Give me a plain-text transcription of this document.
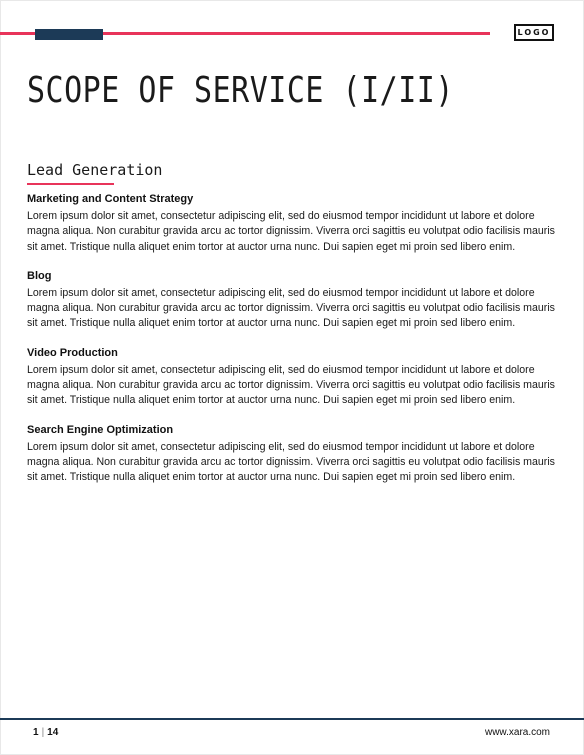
LOGO
SCOPE OF SERVICE (I/II)
Lead Generation

Marketing and Content Strategy

Lorem ipsum dolor sit amet, consectetur adipiscing elit, sed do eiusmod tempor incididunt ut labore et dolore magna aliqua. Non curabitur gravida arcu ac tortor dignissim. Viverra orci sagittis eu volutpat odio facilisis mauris sit amet. Tristique nulla aliquet enim tortor at auctor urna nunc. Dui sapien eget mi proin sed libero enim.

Blog

Lorem ipsum dolor sit amet, consectetur adipiscing elit, sed do eiusmod tempor incididunt ut labore et dolore magna aliqua. Non curabitur gravida arcu ac tortor dignissim. Viverra orci sagittis eu volutpat odio facilisis mauris sit amet. Tristique nulla aliquet enim tortor at auctor urna nunc. Dui sapien eget mi proin sed libero enim.

Video Production

Lorem ipsum dolor sit amet, consectetur adipiscing elit, sed do eiusmod tempor incididunt ut labore et dolore magna aliqua. Non curabitur gravida arcu ac tortor dignissim. Viverra orci sagittis eu volutpat odio facilisis mauris sit amet. Tristique nulla aliquet enim tortor at auctor urna nunc. Dui sapien eget mi proin sed libero enim.

Search Engine Optimization

Lorem ipsum dolor sit amet, consectetur adipiscing elit, sed do eiusmod tempor incididunt ut labore et dolore magna aliqua. Non curabitur gravida arcu ac tortor dignissim. Viverra orci sagittis eu volutpat odio facilisis mauris sit amet. Tristique nulla aliquet enim tortor at auctor urna nunc. Dui sapien eget mi proin sed libero enim.

1 | 14	www.xara.com
